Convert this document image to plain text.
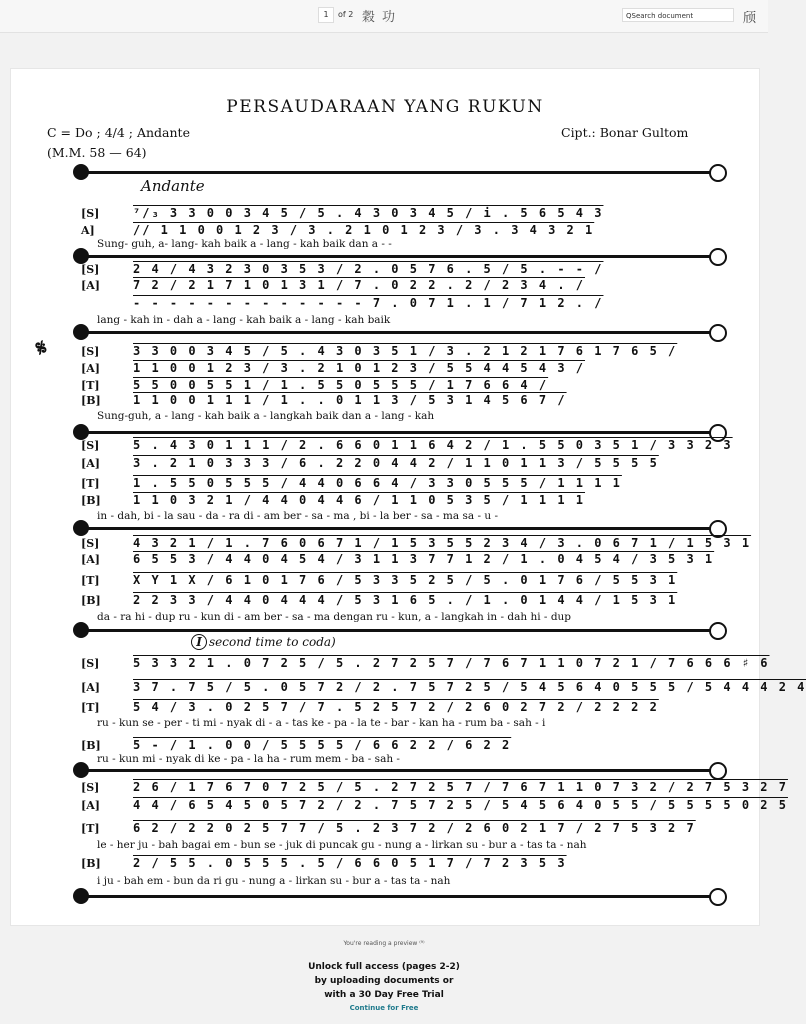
1	of 2 穀 功	QSearch document	颀
PERSAUDARAAN YANG RUKUN
C = Do ; 4/4 ; Andante
(M.M. 58 — 64)
Cipt.: Bonar Gultom
Andante
𝄋
I second time to coda)
[S]	⁷/₃ 3 3 0 0 3 4 5 / 5 . 4 3 0 3 4 5 / i . 5 6 5 4 3
A]	// 1 1 0 0 1 2 3 / 3 . 2 1 0 1 2 3 / 3 . 3 4 3 2 1
Sung- guh, a- lang- kah baik a - lang - kah baik dan a - -
[S]	2 4 / 4 3 2 3 0 3 5 3 / 2 . 0 5 7 6 . 5 / 5 . - - /
[A]	7 2 / 2 1 7 1 0 1 3 1 / 7 . 0 2 2 . 2 / 2 3 4 . /
- - - - - - - - - - - - - 7 . 0 7 1 . 1 / 7 1 2 . /
lang - kah in - dah a - lang - kah baik a - lang - kah baik
[S]	3 3 0 0 3 4 5 / 5 . 4 3 0 3 5 1 / 3 . 2 1 2 1 7 6 1 7 6 5 /
[A]	1 1 0 0 1 2 3 / 3 . 2 1 0 1 2 3 / 5 5 4 4 5 4 3 /
[T]	5 5 0 0 5 5 1 / 1 . 5 5 0 5 5 5 / 1 7 6 6 4 /
[B]	1 1 0 0 1 1 1 / 1 . . 0 1 1 3 / 5 3 1 4 5 6 7 /
Sung-guh, a - lang - kah baik a - langkah baik dan a - lang - kah
[S]	5 . 4 3 0 1 1 1 / 2 . 6 6 0 1 1 6 4 2 / 1 . 5 5 0 3 5 1 / 3 3 2 3
[A]	3 . 2 1 0 3 3 3 / 6 . 2 2 0 4 4 2 / 1 1 0 1 1 3 / 5 5 5 5
[T]	1 . 5 5 0 5 5 5 / 4 4 0 6 6 4 / 3 3 0 5 5 5 / 1 1 1 1
[B]	1 1 0 3 2 1 / 4 4 0 4 4 6 / 1 1 0 5 3 5 / 1 1 1 1
in - dah, bi - la sau - da - ra di - am ber - sa - ma , bi - la ber - sa - ma sa - u -
[S]	4 3 2 1 / 1 . 7 6 0 6 7 1 / 1 5 3 5 5 2 3 4 / 3 . 0 6 7 1 / 1 5 3 1
[A]	6 5 5 3 / 4 4 0 4 5 4 / 3 1 1 3 7 7 1 2 / 1 . 0 4 5 4 / 3 5 3 1
[T]	X Y 1 X / 6 1 0 1 7 6 / 5 3 3 5 2 5 / 5 . 0 1 7 6 / 5 5 3 1
[B]	2 2 3 3 / 4 4 0 4 4 4 / 5 3 1 6 5 . / 1 . 0 1 4 4 / 1 5 3 1
da - ra hi - dup ru - kun di - am ber - sa - ma dengan ru - kun, a - langkah in - dah hi - dup
[S]	5 3 3 2 1 . 0 7 2 5 / 5 . 2 7 2 5 7 / 7 6 7 1 1 0 7 2 1 / 7 6 6 6 ♯ 6
[A]	3 7 . 7 5 / 5 . 0 5 7 2 / 2 . 7 5 7 2 5 / 5 4 5 6 4 0 5 5 5 / 5 4 4 4 2 4
[T]	5 4 / 3 . 0 2 5 7 / 7 . 5 2 5 7 2 / 2 6 0 2 7 2 / 2 2 2 2
ru - kun se - per - ti mi - nyak di - a - tas ke - pa - la te - bar - kan ha - rum ba - sah - i
[B]	5 - / 1 . 0 0 / 5 5 5 5 / 6 6 2 2 / 6 2 2
ru - kun mi - nyak di ke - pa - la ha - rum mem - ba - sah -
[S]	2 6 / 1 7 6 7 0 7 2 5 / 5 . 2 7 2 5 7 / 7 6 7 1 1 0 7 3 2 / 2 7 5 3 2 7
[A]	4 4 / 6 5 4 5 0 5 7 2 / 2 . 7 5 7 2 5 / 5 4 5 6 4 0 5 5 / 5 5 5 5 0 2 5
[T]	6 2 / 2 2 0 2 5 7 7 / 5 . 2 3 7 2 / 2 6 0 2 1 7 / 2 7 5 3 2 7
le - her ju - bah bagai em - bun se - juk di puncak gu - nung a - lirkan su - bur a - tas ta - nah
[B]	2 / 5 5 . 0 5 5 5 . 5 / 6 6 0 5 1 7 / 7 2 3 5 3
i ju - bah em - bun da ri gu - nung a - lirkan su - bur a - tas ta - nah
You're reading a preview ⁽⁹⁾
Unlock full access (pages 2-2)
by uploading documents or
with a 30 Day Free Trial
Continue for Free
